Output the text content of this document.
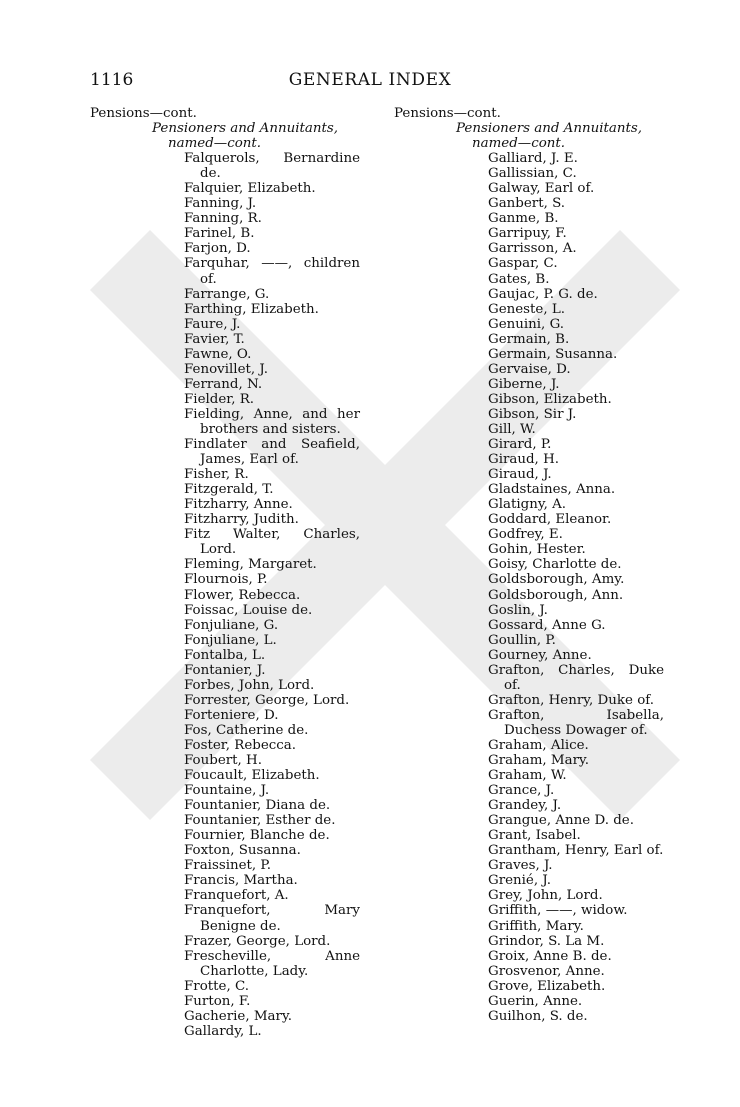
1116	GENERAL INDEX
Pensions—cont.
Pensioners and Annuitants,
named—cont.
Falquerols, Bernardine de.
Falquier, Elizabeth.
Fanning, J.
Fanning, R.
Farinel, B.
Farjon, D.
Farquhar, ——, children of.
Farrange, G.
Farthing, Elizabeth.
Faure, J.
Favier, T.
Fawne, O.
Fenovillet, J.
Ferrand, N.
Fielder, R.
Fielding, Anne, and her brothers and sisters.
Findlater and Seafield, James, Earl of.
Fisher, R.
Fitzgerald, T.
Fitzharry, Anne.
Fitzharry, Judith.
Fitz Walter, Charles, Lord.
Fleming, Margaret.
Flournois, P.
Flower, Rebecca.
Foissac, Louise de.
Fonjuliane, G.
Fonjuliane, L.
Fontalba, L.
Fontanier, J.
Forbes, John, Lord.
Forrester, George, Lord.
Forteniere, D.
Fos, Catherine de.
Foster, Rebecca.
Foubert, H.
Foucault, Elizabeth.
Fountaine, J.
Fountanier, Diana de.
Fountanier, Esther de.
Fournier, Blanche de.
Foxton, Susanna.
Fraissinet, P.
Francis, Martha.
Franquefort, A.
Franquefort, Mary Benigne de.
Frazer, George, Lord.
Frescheville, Anne Charlotte, Lady.
Frotte, C.
Furton, F.
Gacherie, Mary.
Gallardy, L.
Pensions—cont.
Pensioners and Annuitants,
named—cont.
Galliard, J. E.
Gallissian, C.
Galway, Earl of.
Ganbert, S.
Ganme, B.
Garripuy, F.
Garrisson, A.
Gaspar, C.
Gates, B.
Gaujac, P. G. de.
Geneste, L.
Genuini, G.
Germain, B.
Germain, Susanna.
Gervaise, D.
Giberne, J.
Gibson, Elizabeth.
Gibson, Sir J.
Gill, W.
Girard, P.
Giraud, H.
Giraud, J.
Gladstaines, Anna.
Glatigny, A.
Goddard, Eleanor.
Godfrey, E.
Gohin, Hester.
Goisy, Charlotte de.
Goldsborough, Amy.
Goldsborough, Ann.
Goslin, J.
Gossard, Anne G.
Goullin, P.
Gourney, Anne.
Grafton, Charles, Duke of.
Grafton, Henry, Duke of.
Grafton, Isabella, Duchess Dowager of.
Graham, Alice.
Graham, Mary.
Graham, W.
Grance, J.
Grandey, J.
Grangue, Anne D. de.
Grant, Isabel.
Grantham, Henry, Earl of.
Graves, J.
Grenié, J.
Grey, John, Lord.
Griffith, ——, widow.
Griffith, Mary.
Grindor, S. La M.
Groix, Anne B. de.
Grosvenor, Anne.
Grove, Elizabeth.
Guerin, Anne.
Guilhon, S. de.
